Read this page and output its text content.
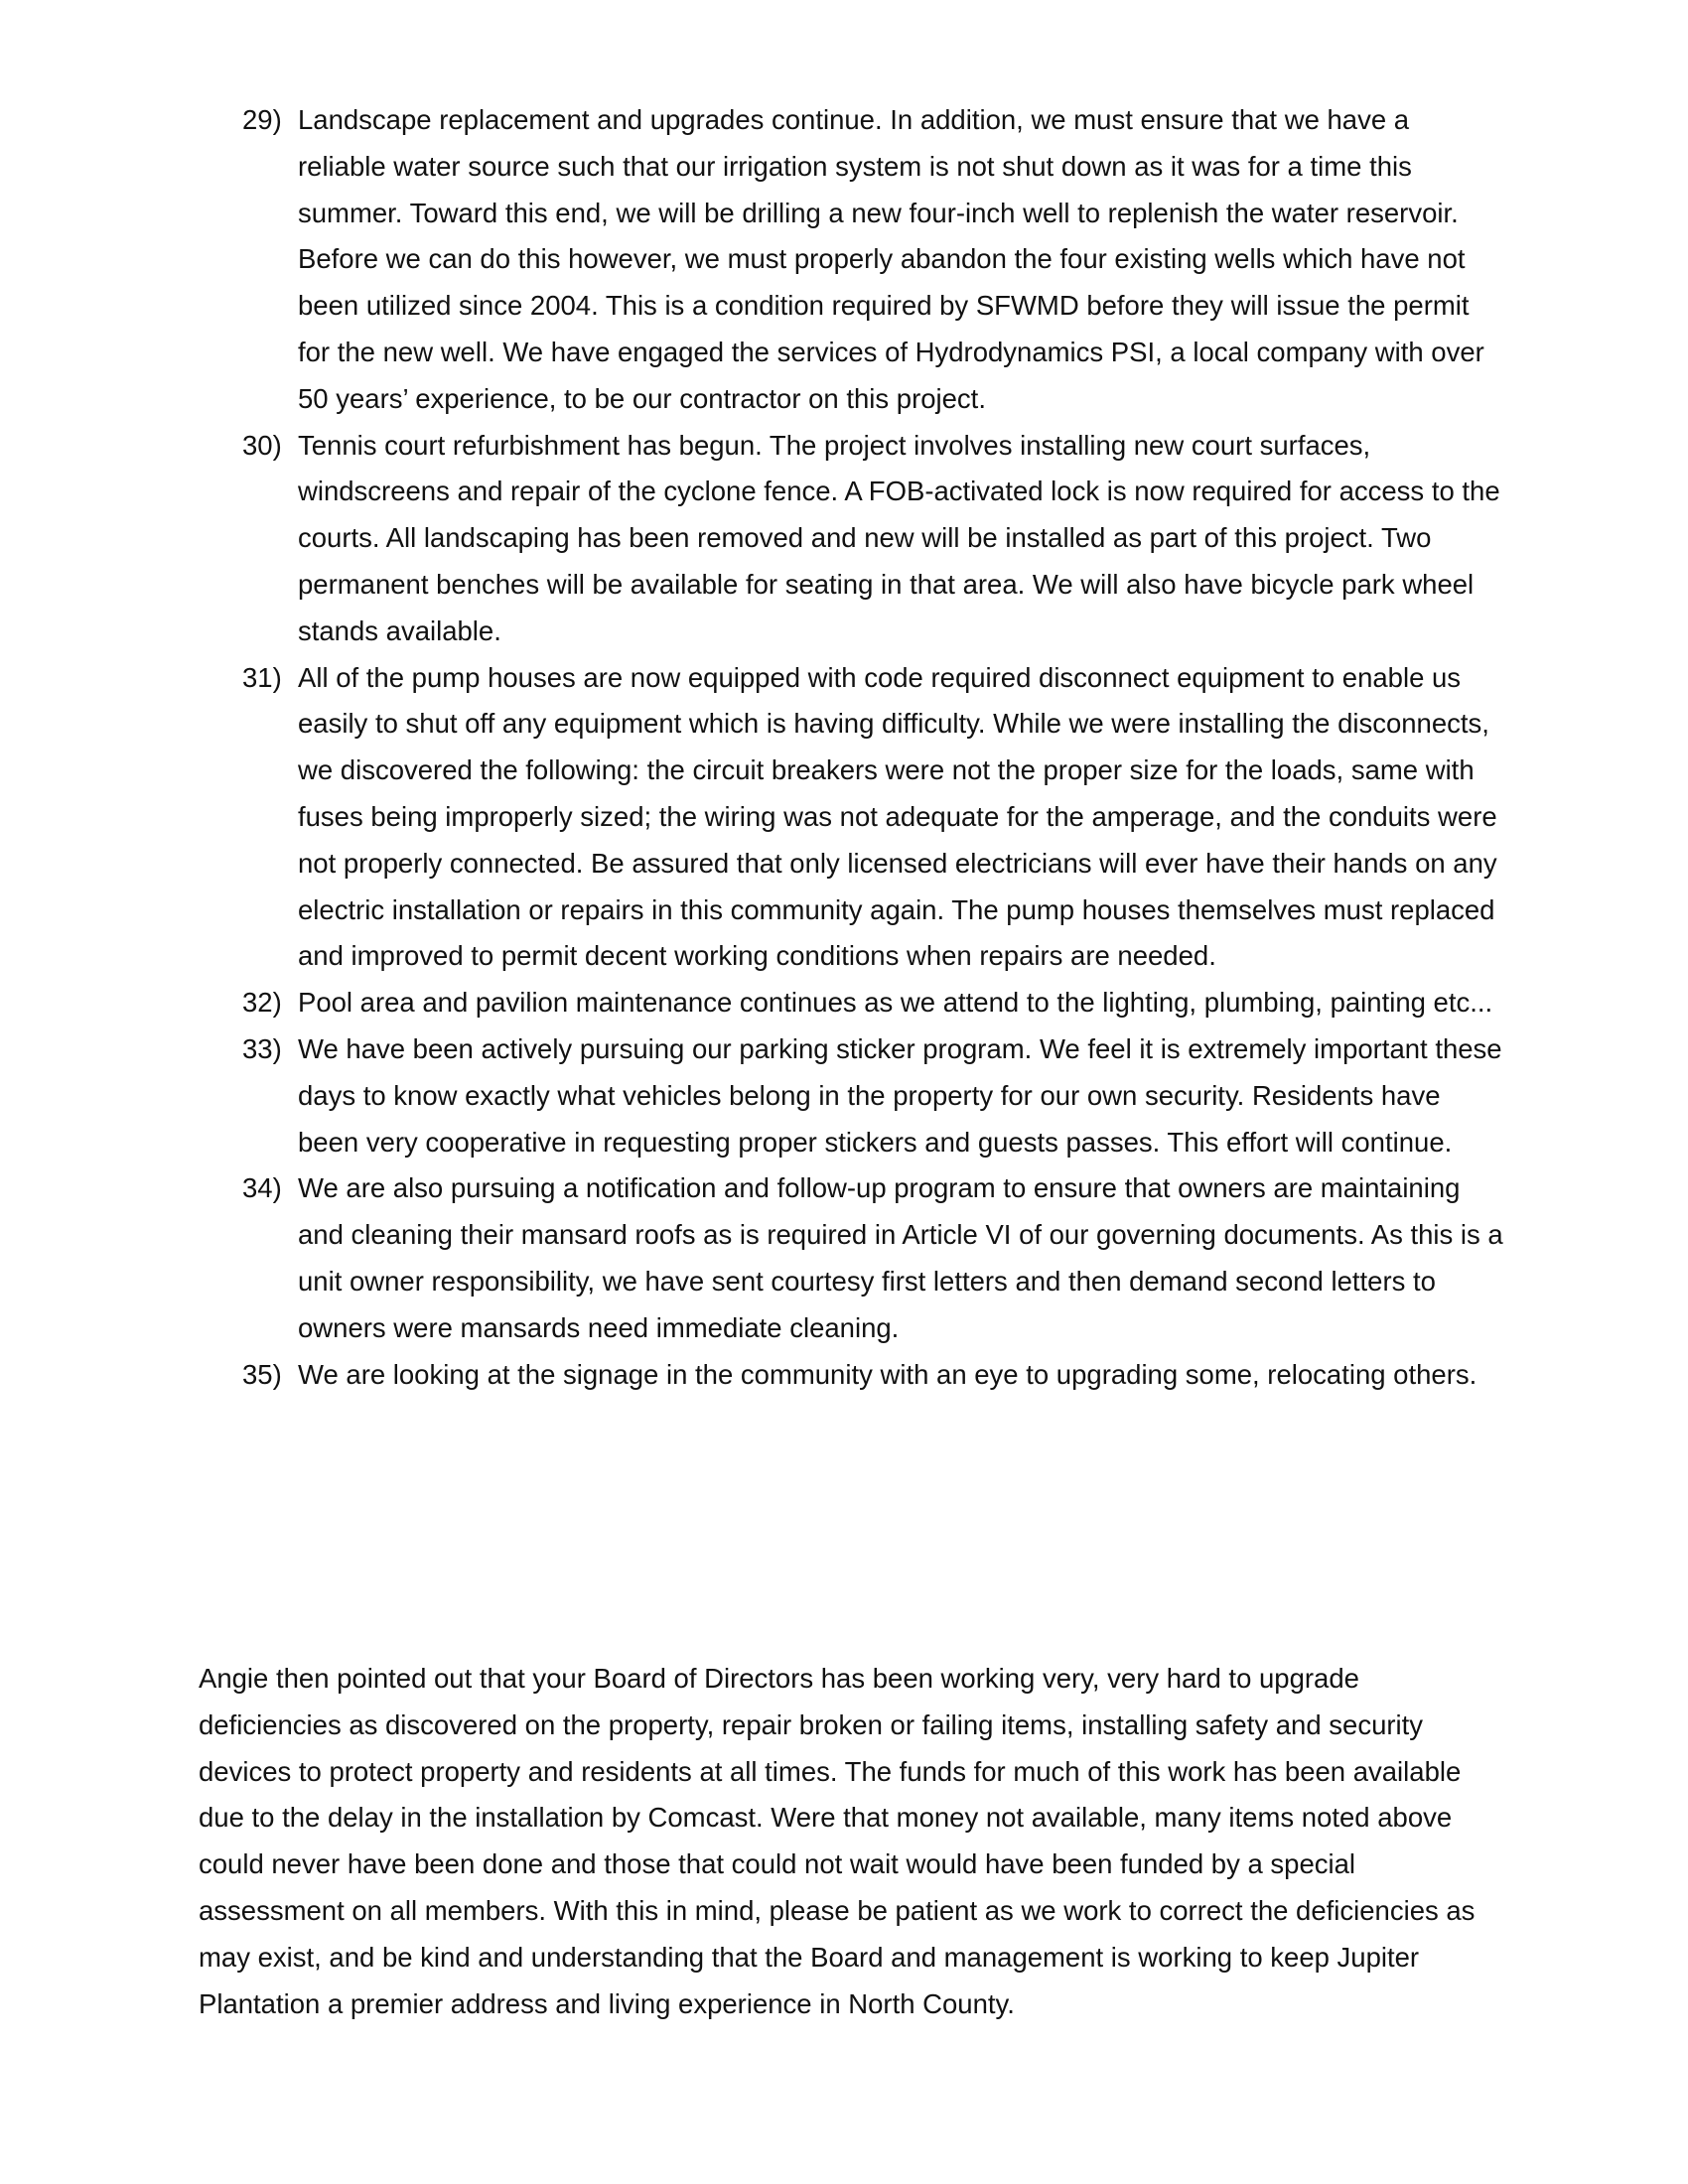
29) Landscape replacement and upgrades continue. In addition, we must ensure that we have a reliable water source such that our irrigation system is not shut down as it was for a time this summer. Toward this end, we will be drilling a new four-inch well to replenish the water reservoir. Before we can do this however, we must properly abandon the four existing wells which have not been utilized since 2004. This is a condition required by SFWMD before they will issue the permit for the new well. We have engaged the services of Hydrodynamics PSI, a local company with over 50 years’ experience, to be our contractor on this project.
30) Tennis court refurbishment has begun. The project involves installing new court surfaces, windscreens and repair of the cyclone fence. A FOB-activated lock is now required for access to the courts. All landscaping has been removed and new will be installed as part of this project. Two permanent benches will be available for seating in that area. We will also have bicycle park wheel stands available.
31) All of the pump houses are now equipped with code required disconnect equipment to enable us easily to shut off any equipment which is having difficulty. While we were installing the disconnects, we discovered the following: the circuit breakers were not the proper size for the loads, same with fuses being improperly sized; the wiring was not adequate for the amperage, and the conduits were not properly connected. Be assured that only licensed electricians will ever have their hands on any electric installation or repairs in this community again. The pump houses themselves must replaced and improved to permit decent working conditions when repairs are needed.
32) Pool area and pavilion maintenance continues as we attend to the lighting, plumbing, painting etc...
33) We have been actively pursuing our parking sticker program. We feel it is extremely important these days to know exactly what vehicles belong in the property for our own security. Residents have been very cooperative in requesting proper stickers and guests passes. This effort will continue.
34) We are also pursuing a notification and follow-up program to ensure that owners are maintaining and cleaning their mansard roofs as is required in Article VI of our governing documents. As this is a unit owner responsibility, we have sent courtesy first letters and then demand second letters to owners were mansards need immediate cleaning.
35) We are looking at the signage in the community with an eye to upgrading some, relocating others.

Angie then pointed out that your Board of Directors has been working very, very hard to upgrade deficiencies as discovered on the property, repair broken or failing items, installing safety and security devices to protect property and residents at all times. The funds for much of this work has been available due to the delay in the installation by Comcast. Were that money not available, many items noted above could never have been done and those that could not wait would have been funded by a special assessment on all members. With this in mind, please be patient as we work to correct the deficiencies as may exist, and be kind and understanding that the Board and management is working to keep Jupiter Plantation a premier address and living experience in North County.
